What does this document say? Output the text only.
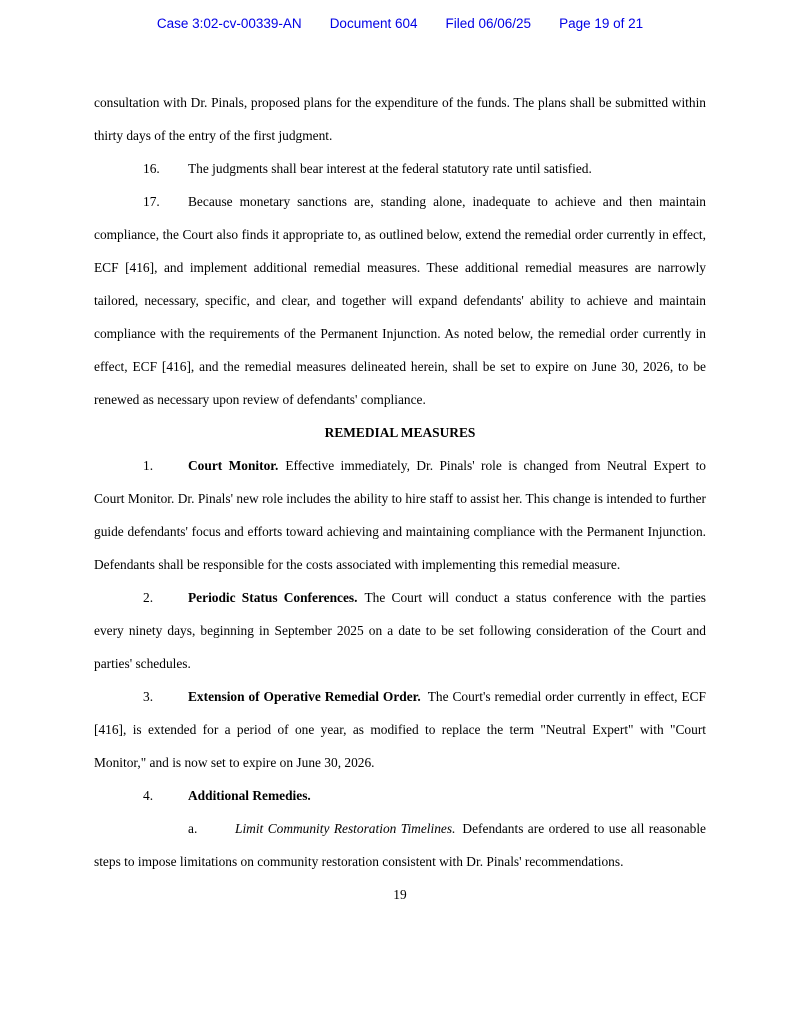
Case 3:02-cv-00339-AN Document 604 Filed 06/06/25 Page 19 of 21

consultation with Dr. Pinals, proposed plans for the expenditure of the funds. The plans shall be submitted within thirty days of the entry of the first judgment.

16. The judgments shall bear interest at the federal statutory rate until satisfied.

17. Because monetary sanctions are, standing alone, inadequate to achieve and then maintain compliance, the Court also finds it appropriate to, as outlined below, extend the remedial order currently in effect, ECF [416], and implement additional remedial measures. These additional remedial measures are narrowly tailored, necessary, specific, and clear, and together will expand defendants' ability to achieve and maintain compliance with the requirements of the Permanent Injunction. As noted below, the remedial order currently in effect, ECF [416], and the remedial measures delineated herein, shall be set to expire on June 30, 2026, to be renewed as necessary upon review of defendants' compliance.

REMEDIAL MEASURES

1.	Court Monitor. Effective immediately, Dr. Pinals' role is changed from Neutral Expert to Court Monitor. Dr. Pinals' new role includes the ability to hire staff to assist her. This change is intended to further guide defendants' focus and efforts toward achieving and maintaining compliance with the Permanent Injunction. Defendants shall be responsible for the costs associated with implementing this remedial measure.

2.	Periodic Status Conferences. The Court will conduct a status conference with the parties every ninety days, beginning in September 2025 on a date to be set following consideration of the Court and parties' schedules.

3.	Extension of Operative Remedial Order. The Court's remedial order currently in effect, ECF [416], is extended for a period of one year, as modified to replace the term "Neutral Expert" with "Court Monitor," and is now set to expire on June 30, 2026.

4.	Additional Remedies.

a.	Limit Community Restoration Timelines. Defendants are ordered to use all reasonable steps to impose limitations on community restoration consistent with Dr. Pinals' recommendations.

19
